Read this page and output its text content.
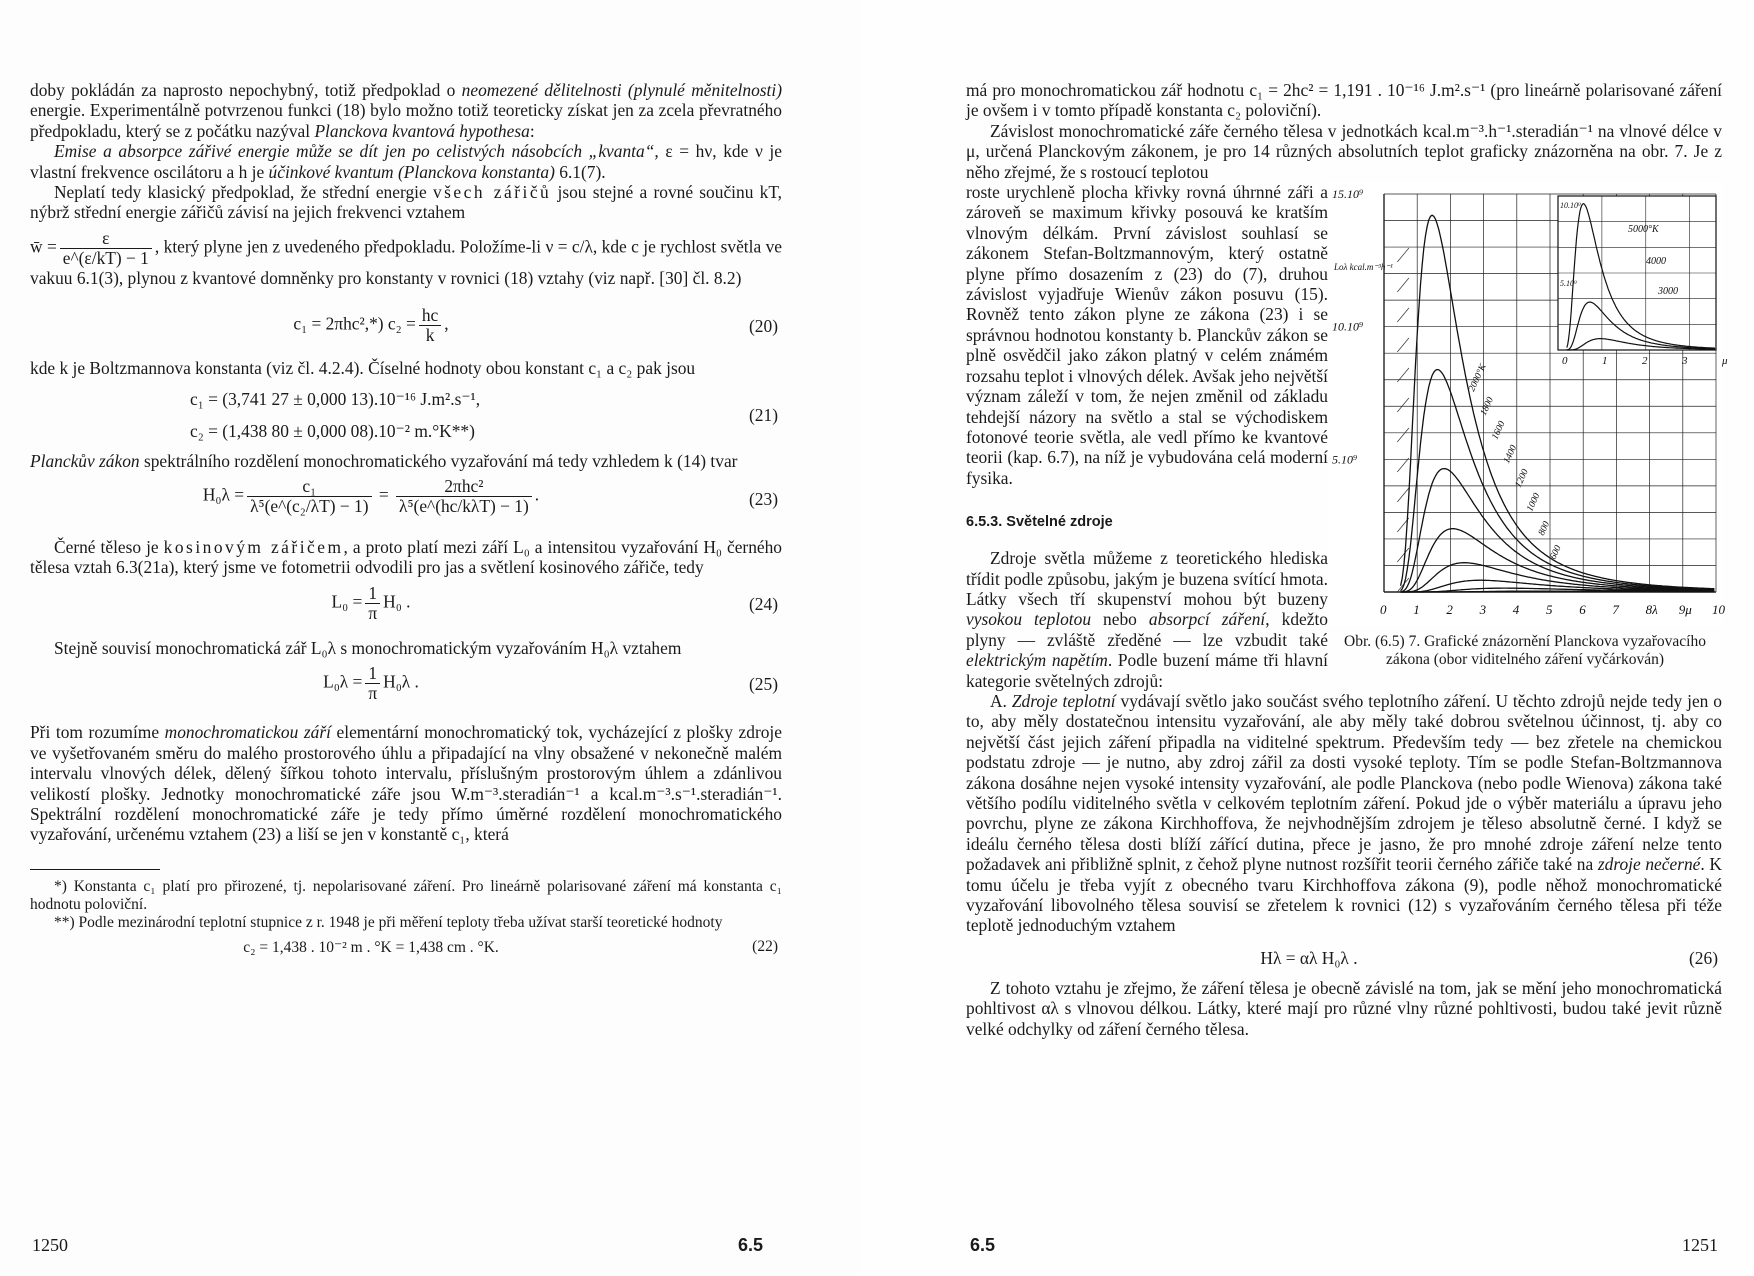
doby pokládán za naprosto nepochybný, totiž předpoklad o neomezené dělitelnosti (plynulé měnitelnosti) energie. Experimentálně potvrzenou funkci (18) bylo možno totiž teoreticky získat jen za zcela převratného předpokladu, který se z počátku nazýval Planckova kvantová hypothesa:

Emise a absorpce zářivé energie může se dít jen po celistvých násobcích „kvanta“, ε = hν, kde ν je vlastní frekvence oscilátoru a h je účinkové kvantum (Planckova konstanta) 6.1(7).

Neplatí tedy klasický předpoklad, že střední energie všech zářičů jsou stejné a rovné součinu kT, nýbrž střední energie zářičů závisí na jejich frekvenci vztahem

w̄ = $\frac{\varepsilon}{e\^{}(\varepsilon/kT) - 1}$ , který plyne jen z uvedeného předpokladu. Položíme-li ν = c/λ, kde c je rychlost světla ve vakuu 6.1(3), plynou z kvantové domněnky pro konstanty v rovnici (18) vztahy (viz např. [30] čl. 8.2)

c₁ = 2πhc²,*) $c_2 = \frac{hc}{k}$ ,	(20)

kde k je Boltzmannova konstanta (viz čl. 4.2.4). Číselné hodnoty obou konstant c₁ a c₂ pak jsou

c₁ = (3,741 27 ± 0,000 13).10⁻¹⁶ J.m².s⁻¹,
c₂ = (1,438 80 ± 0,000 08).10⁻² m.°K**)
(21)

Planckův zákon spektrálního rozdělení monochromatického vyzařování má tedy vzhledem k (14) tvar

$H_0\lambda = \frac{\text{c₁}}{\text{λ⁵(e\textasciicircum{}(c₂/λT) − 1)}} = \frac{\text{2πhc²}}{\text{λ⁵(e\textasciicircum{}(hc/kλT) − 1)}}$ .	(23)

Černé těleso je kosinovým zářičem, a proto platí mezi září L₀ a intensitou vyzařování H₀ černého tělesa vztah 6.3(21a), který jsme ve fotometrii odvodili pro jas a světlení kosinového zářiče, tedy

$L_0 = \frac{1}{\pi} H_0$ .	(24)

Stejně souvisí monochromatická zář L₀λ s monochromatickým vyzařováním H₀λ vztahem

$L_0\lambda = \frac{1}{\pi} H_0\lambda$ .	(25)

Při tom rozumíme monochromatickou září elementární monochromatický tok, vycházející z plošky zdroje ve vyšetřovaném směru do malého prostorového úhlu a připadající na vlny obsažené v nekonečně malém intervalu vlnových délek, dělený šířkou tohoto intervalu, příslušným prostorovým úhlem a zdánlivou velikostí plošky. Jednotky monochromatické záře jsou W.m⁻³.steradián⁻¹ a kcal.m⁻³.s⁻¹.steradián⁻¹. Spektrální rozdělení monochromatické záře je tedy přímo úměrné rozdělení monochromatického vyzařování, určenému vztahem (23) a liší se jen v konstantě c₁, která

*) Konstanta c₁ platí pro přirozené, tj. nepolarisované záření. Pro lineárně polarisované záření má konstanta c₁ hodnotu poloviční.

**) Podle mezinárodní teplotní stupnice z r. 1948 je při měření teploty třeba užívat starší teoretické hodnoty

c₂ = 1,438 . 10⁻² m . °K = 1,438 cm . °K.	(22)
1250	6.5

má pro monochromatickou zář hodnotu c₁ = 2hc² = 1,191 . 10⁻¹⁶ J.m².s⁻¹ (pro lineárně polarisované záření je ovšem i v tomto případě konstanta c₂ poloviční).

Závislost monochromatické záře černého tělesa v jednotkách kcal.m⁻³.h⁻¹.steradián⁻¹ na vlnové délce v μ, určená Planckovým zákonem, je pro 14 různých absolutních teplot graficky znázorněna na obr. 7. Je z něho zřejmé, že s rostoucí teplotou

roste urychleně plocha křivky rovná úhrnné záři a zároveň se maximum křivky posouvá ke kratším vlnovým délkám. První závislost souhlasí se zákonem Stefan-Boltzmannovým, který ostatně plyne přímo dosazením z (23) do (7), druhou závislost vyjadřuje Wienův zákon posuvu (15). Rovněž tento zákon plyne ze zákona (23) i se správnou hodnotou konstanty b. Planckův zákon se plně osvědčil jako zákon platný v celém známém rozsahu teplot i vlnových délek. Avšak jeho největší význam záleží v tom, že nejen změnil od základu tehdejší názory na světlo a stal se východiskem fotonové teorie světla, ale vedl přímo ke kvantové teorii (kap. 6.7), na níž je vybudována celá moderní fysika.

6.5.3. Světelné zdroje

Zdroje světla můžeme z teoretického hlediska třídit podle způsobu, jakým je buzena svítící hmota. Látky všech tří skupenství mohou být buzeny vysokou teplotou nebo absorpcí záření, kdežto plyny — zvláště zředěné — lze vzbudit také elektrickým napětím. Podle buzení máme tři hlavní kategorie světelných zdrojů:

15.10⁹
10.10⁹
5.10⁹
0 1 2 3 4 5 6 7 8λ 9μ 10
Loλ kcal.m⁻³h⁻¹
5000°K
4000
3000
10.10⁹
5.10⁹
0	1	2	3	μ
2000°K
1800
1600
1400
1200
1000
800
600
Obr. (6.5) 7. Grafické znázornění Planckova vyzařovacího zákona (obor viditelného záření vyčárkován)

A. Zdroje teplotní vydávají světlo jako součást svého teplotního záření. U těchto zdrojů nejde tedy jen o to, aby měly dostatečnou intensitu vyzařování, ale aby měly také dobrou světelnou účinnost, tj. aby co největší část jejich záření připadla na viditelné spektrum. Především tedy — bez zřetele na chemickou podstatu zdroje — je nutno, aby zdroj zářil za dosti vysoké teploty. Tím se podle Stefan-Boltzmannova zákona dosáhne nejen vysoké intensity vyzařování, ale podle Planckova (nebo podle Wienova) zákona také většího podílu viditelného světla v celkovém teplotním záření. Pokud jde o výběr materiálu a úpravu jeho povrchu, plyne ze zákona Kirchhoffova, že nejvhodnějším zdrojem je těleso absolutně černé. I když se ideálu černého tělesa dosti blíží zářící dutina, přece je jasno, že pro mnohé zdroje záření nelze tento požadavek ani přibližně splnit, z čehož plyne nutnost rozšířit teorii černého zářiče také na zdroje nečerné. K tomu účelu je třeba vyjít z obecného tvaru Kirchhoffova zákona (9), podle něhož monochromatické vyzařování libovolného tělesa souvisí se zřetelem k rovnici (12) s vyzařováním černého tělesa při téže teplotě jednoduchým vztahem

Hλ = αλ H₀λ .	(26)

Z tohoto vztahu je zřejmo, že záření tělesa je obecně závislé na tom, jak se mění jeho monochromatická pohltivost αλ s vlnovou délkou. Látky, které mají pro různé vlny různé pohltivosti, budou také jevit různě velké odchylky od záření černého tělesa.

6.5	1251
